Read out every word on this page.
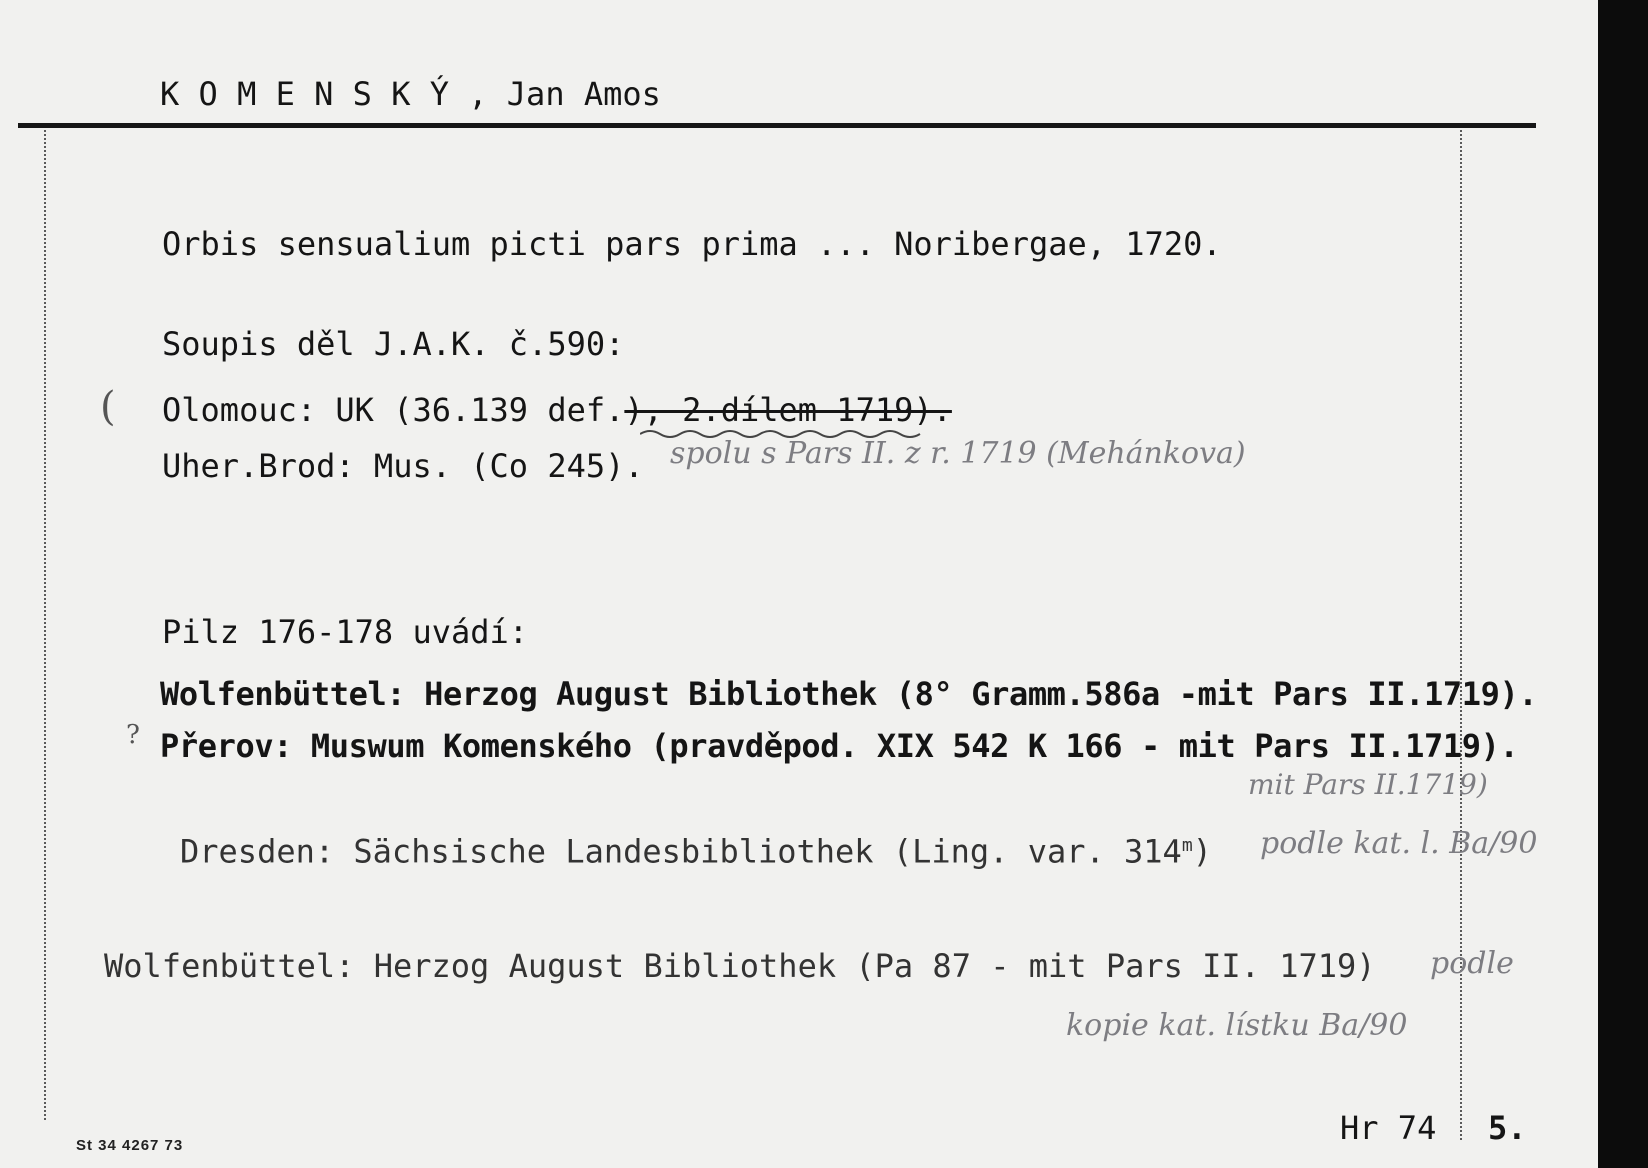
K O M E N S K Ý , Jan Amos
Orbis sensualium picti pars prima ... Noribergae, 1720.
Soupis děl J.A.K. č.590:
( Olomouc: UK (36.139 def.), 2.dílem 1719).
Uher.Brod: Mus. (Co 245). spolu s Pars II. z r. 1719 (Mehánkova)
Pilz 176-178 uvádí:
Wolfenbüttel: Herzog August Bibliothek (8° Gramm.586a -mit Pars II.1719).
? Přerov: Muswum Komenského (pravděpod. XIX 542 K 166 - mit Pars II.1719).
mit Pars II.1719)
Dresden: Sächsische Landesbibliothek (Ling. var. 314$^m$) podle kat. l. Ba/90
Wolfenbüttel: Herzog August Bibliothek (Pa 87 - mit Pars II. 1719) podle
kopie kat. lístku Ba/90
Hr 74 5.
St 34 4267 73
